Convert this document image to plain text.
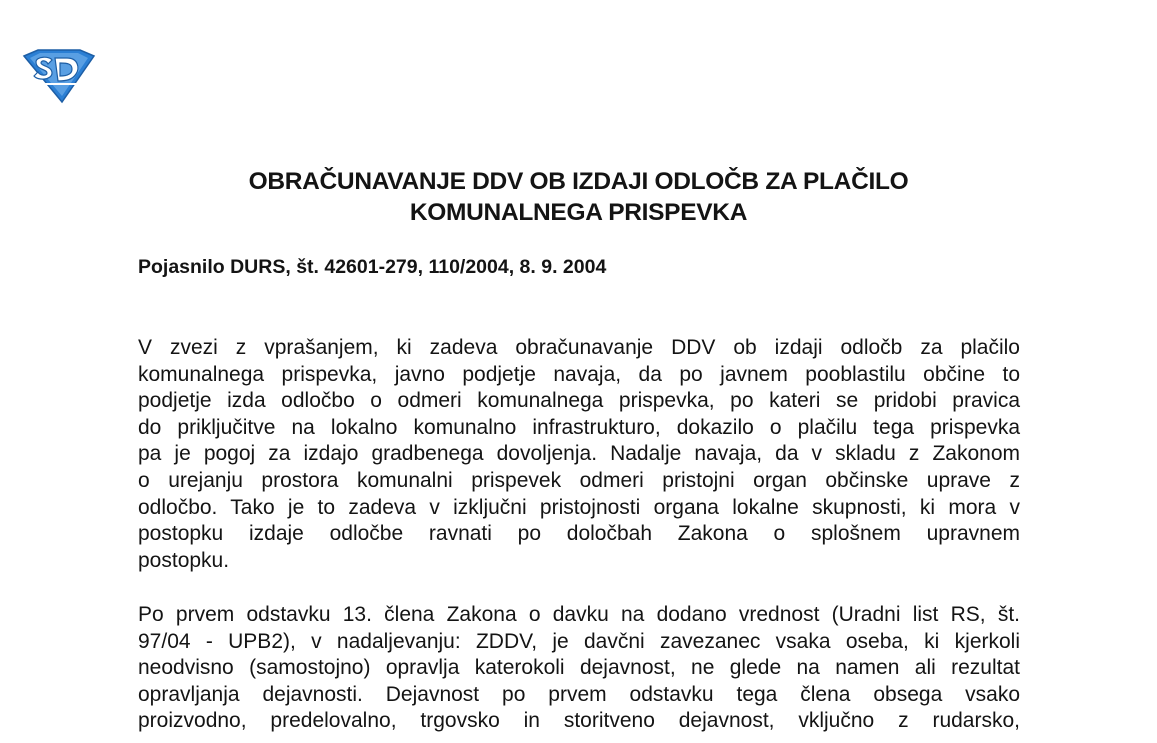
OBRAČUNAVANJE DDV OB IZDAJI ODLOČB ZA PLAČILO
KOMUNALNEGA PRISPEVKA

Pojasnilo DURS, št. 42601-279, 110/2004, 8. 9. 2004

V zvezi z vprašanjem, ki zadeva obračunavanje DDV ob izdaji odločb za plačilo
komunalnega prispevka, javno podjetje navaja, da po javnem pooblastilu občine to
podjetje izda odločbo o odmeri komunalnega prispevka, po kateri se pridobi pravica
do priključitve na lokalno komunalno infrastrukturo, dokazilo o plačilu tega prispevka
pa je pogoj za izdajo gradbenega dovoljenja. Nadalje navaja, da v skladu z Zakonom
o urejanju prostora komunalni prispevek odmeri pristojni organ občinske uprave z
odločbo. Tako je to zadeva v izključni pristojnosti organa lokalne skupnosti, ki mora v
postopku izdaje odločbe ravnati po določbah Zakona o splošnem upravnem
postopku.
Po prvem odstavku 13. člena Zakona o davku na dodano vrednost (Uradni list RS, št.
97/04 - UPB2), v nadaljevanju: ZDDV, je davčni zavezanec vsaka oseba, ki kjerkoli
neodvisno (samostojno) opravlja katerokoli dejavnost, ne glede na namen ali rezultat
opravljanja dejavnosti. Dejavnost po prvem odstavku tega člena obsega vsako
proizvodno, predelovalno, trgovsko in storitveno dejavnost, vključno z rudarsko,
